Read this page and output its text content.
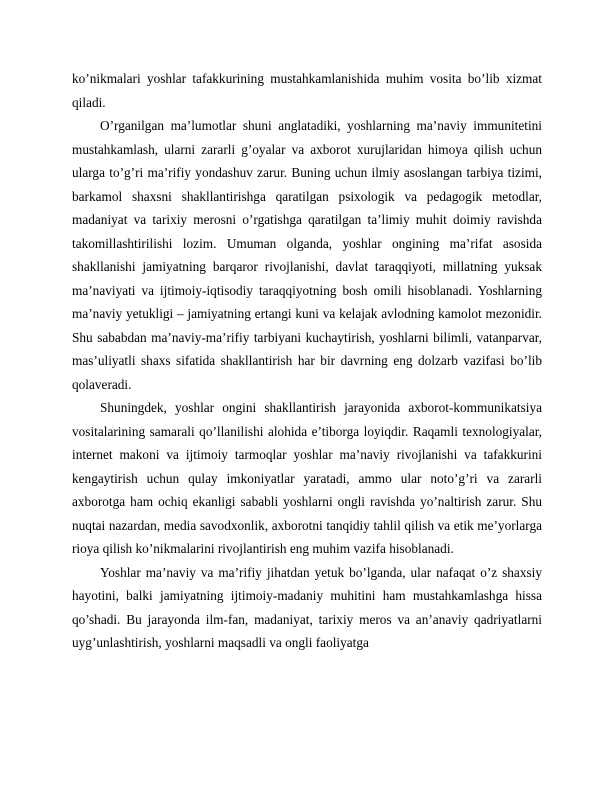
ko’nikmalari yoshlar tafakkurining mustahkamlanishida muhim vosita bo’lib xizmat qiladi.

O’rganilgan ma’lumotlar shuni anglatadiki, yoshlarning ma’naviy immunitetini mustahkamlash, ularni zararli g’oyalar va axborot xurujlaridan himoya qilish uchun ularga to’g’ri ma’rifiy yondashuv zarur. Buning uchun ilmiy asoslangan tarbiya tizimi, barkamol shaxsni shakllantirishga qaratilgan psixologik va pedagogik metodlar, madaniyat va tarixiy merosni o’rgatishga qaratilgan ta’limiy muhit doimiy ravishda takomillashtirilishi lozim. Umuman olganda, yoshlar ongining ma’rifat asosida shakllanishi jamiyatning barqaror rivojlanishi, davlat taraqqiyoti, millatning yuksak ma’naviyati va ijtimoiy-iqtisodiy taraqqiyotning bosh omili hisoblanadi. Yoshlarning ma’naviy yetukligi – jamiyatning ertangi kuni va kelajak avlodning kamolot mezonidir. Shu sababdan ma’naviy-ma’rifiy tarbiyani kuchaytirish, yoshlarni bilimli, vatanparvar, mas’uliyatli shaxs sifatida shakllantirish har bir davrning eng dolzarb vazifasi bo’lib qolaveradi.

Shuningdek, yoshlar ongini shakllantirish jarayonida axborot-kommunikatsiya vositalarining samarali qo’llanilishi alohida e’tiborga loyiqdir. Raqamli texnologiyalar, internet makoni va ijtimoiy tarmoqlar yoshlar ma’naviy rivojlanishi va tafakkurini kengaytirish uchun qulay imkoniyatlar yaratadi, ammo ular noto’g’ri va zararli axborotga ham ochiq ekanligi sababli yoshlarni ongli ravishda yo’naltirish zarur. Shu nuqtai nazardan, media savodxonlik, axborotni tanqidiy tahlil qilish va etik me’yorlarga rioya qilish ko’nikmalarini rivojlantirish eng muhim vazifa hisoblanadi.

Yoshlar ma’naviy va ma’rifiy jihatdan yetuk bo’lganda, ular nafaqat o’z shaxsiy hayotini, balki jamiyatning ijtimoiy-madaniy muhitini ham mustahkamlashga hissa qo’shadi. Bu jarayonda ilm-fan, madaniyat, tarixiy meros va an’anaviy qadriyatlarni uyg’unlashtirish, yoshlarni maqsadli va ongli faoliyatga
